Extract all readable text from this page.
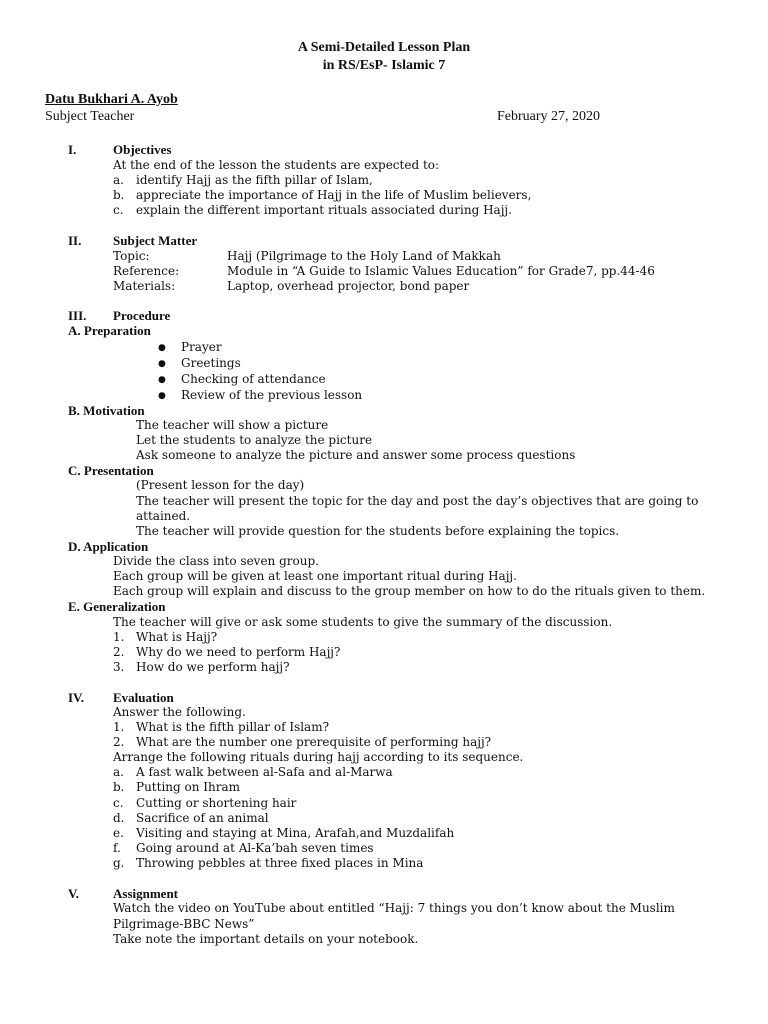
A Semi-Detailed Lesson Plan
in RS/EsP- Islamic 7
Datu Bukhari A. Ayob
Subject Teacher	February 27, 2020
I.	Objectives
At the end of the lesson the students are expected to:
a. identify Hajj as the fifth pillar of Islam,
b. appreciate the importance of Hajj in the life of Muslim believers,
c. explain the different important rituals associated during Hajj.
II. Subject Matter
Topic:	Hajj (Pilgrimage to the Holy Land of Makkah
Reference:	Module in “A Guide to Islamic Values Education” for Grade7, pp.44-46
Materials:	Laptop, overhead projector, bond paper
III. Procedure
A. Preparation
● Prayer
● Greetings
● Checking of attendance
● Review of the previous lesson
B. Motivation
The teacher will show a picture
Let the students to analyze the picture
Ask someone to analyze the picture and answer some process questions
C. Presentation
(Present lesson for the day)
The teacher will present the topic for the day and post the day’s objectives that are going to
attained.
The teacher will provide question for the students before explaining the topics.
D. Application
Divide the class into seven group.
Each group will be given at least one important ritual during Hajj.
Each group will explain and discuss to the group member on how to do the rituals given to them.
E. Generalization
The teacher will give or ask some students to give the summary of the discussion.
1. What is Hajj?
2. Why do we need to perform Hajj?
3. How do we perform hajj?
IV. Evaluation
Answer the following.
1. What is the fifth pillar of Islam?
2. What are the number one prerequisite of performing hajj?
Arrange the following rituals during hajj according to its sequence.
a. A fast walk between al-Safa and al-Marwa
b. Putting on Ihram
c. Cutting or shortening hair
d. Sacrifice of an animal
e. Visiting and staying at Mina, Arafah,and Muzdalifah
f. Going around at Al-Ka’bah seven times
g. Throwing pebbles at three fixed places in Mina
V.	Assignment
Watch the video on YouTube about entitled “Hajj: 7 things you don’t know about the Muslim
Pilgrimage-BBC News”
Take note the important details on your notebook.
